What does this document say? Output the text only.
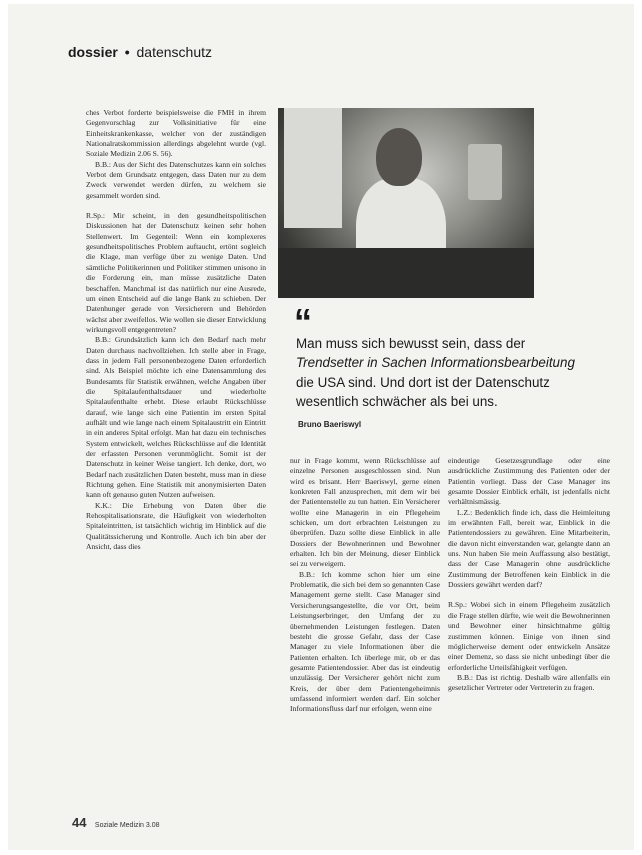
dossier • datenschutz

ches Verbot forderte beispielsweise die FMH in ihrem Gegenvorschlag zur Volksinitiative für eine Einheitskrankenkasse, welcher von der zuständigen Nationalratskommission allerdings abgelehnt wurde (vgl. Soziale Medizin 2.06 S. 56).

B.B.: Aus der Sicht des Datenschutzes kann ein solches Verbot dem Grundsatz entgegen, dass Daten nur zu dem Zweck verwendet werden dürfen, zu welchem sie gesammelt worden sind.

R.Sp.: Mir scheint, in den gesundheitspolitischen Diskussionen hat der Datenschutz keinen sehr hohen Stellenwert. Im Gegenteil: Wenn ein komplexeres gesundheitspolitisches Problem auftaucht, ertönt sogleich die Klage, man verfüge über zu wenige Daten. Und sämtliche Politikerinnen und Politiker stimmen unisono in die Forderung ein, man müsse zusätzliche Daten beschaffen. Manchmal ist das natürlich nur eine Ausrede, um einen Entscheid auf die lange Bank zu schieben. Der Datenhunger gerade von Versicherern und Behörden wächst aber zweifellos. Wie wollen sie dieser Entwicklung wirkungsvoll entgegentreten?

B.B.: Grundsätzlich kann ich den Bedarf nach mehr Daten durchaus nachvollziehen. Ich stelle aber in Frage, dass in jedem Fall personenbezogene Daten erforderlich sind. Als Beispiel möchte ich eine Datensammlung des Bundesamts für Statistik erwähnen, welche Angaben über die Spitalaufenthaltsdauer und wiederholte Spitalaufenthalte erhebt. Diese erlaubt Rückschlüsse darauf, wie lange sich eine Patientin im ersten Spital aufhält und wie lange nach einem Spitalaustritt ein Eintritt in ein anderes Spital erfolgt. Man hat dazu ein technisches System entwickelt, welches Rückschlüsse auf die Identität der erfassten Personen verunmöglicht. Somit ist der Datenschutz in keiner Weise tangiert. Ich denke, dort, wo Bedarf nach zusätzlichen Daten besteht, muss man in diese Richtung gehen. Eine Statistik mit anonymisierten Daten kann oft genauso guten Nutzen aufweisen.

K.K.: Die Erhebung von Daten über die Rehospitalisationsrate, die Häufigkeit von wiederholten Spitaleintritten, ist tatsächlich wichtig im Hinblick auf die Qualitätssicherung und Kontrolle. Auch ich bin aber der Ansicht, dass dies

“
Man muss sich bewusst sein, dass der
Trendsetter in Sachen Informationsbearbeitung
die USA sind. Und dort ist der Datenschutz
wesentlich schwächer als bei uns.
Bruno Baeriswyl

nur in Frage kommt, wenn Rückschlüsse auf einzelne Personen ausgeschlossen sind. Nun wird es brisant. Herr Baeriswyl, gerne einen konkreten Fall anzusprechen, mit dem wir bei der Patientenstelle zu tun hatten. Ein Versicherer wollte eine Managerin in ein Pflegeheim schicken, um dort erbrachten Leistungen zu überprüfen. Dazu sollte diese Einblick in alle Dossiers der Bewohnerinnen und Bewohner erhalten. Ich bin der Meinung, dieser Einblick sei zu verweigern.

B.B.: Ich komme schon hier um eine Problematik, die sich bei dem so genannten Case Management gerne stellt. Case Manager sind Versicherungsangestellte, die vor Ort, beim Leistungserbringer, den Umfang der zu übernehmenden Leistungen festlegen. Daten besteht die grosse Gefahr, dass der Case Manager zu viele Informationen über die Patienten erhalten. Ich überlege mir, ob er das gesamte Patientendossier. Aber das ist eindeutig unzulässig. Der Versicherer gehört nicht zum Kreis, der über dem Patientengeheimnis umfassend informiert werden darf. Ein solcher Informationsfluss darf nur erfolgen, wenn eine

eindeutige Gesetzesgrundlage oder eine ausdrückliche Zustimmung des Patienten oder der Patientin vorliegt. Dass der Case Manager ins gesamte Dossier Einblick erhält, ist jedenfalls nicht verhältnismässig.

L.Z.: Bedenklich finde ich, dass die Heimleitung im erwähnten Fall, bereit war, Einblick in die Patientendossiers zu gewähren. Eine Mitarbeiterin, die davon nicht einverstanden war, gelangte dann an uns. Nun haben Sie mein Auffassung also bestätigt, dass der Case Managerin ohne ausdrückliche Zustimmung der Betroffenen kein Einblick in die Dossiers gewährt werden darf?

R.Sp.: Wobei sich in einem Pflegeheim zusätzlich die Frage stellen dürfte, wie weit die Bewohnerinnen und Bewohner einer hinsichtnahme gültig zustimmen können. Einige von ihnen sind möglicherweise dement oder entwickeln Ansätze einer Demenz, so dass sie nicht unbedingt über die erforderliche Urteilsfähigkeit verfügen.

B.B.: Das ist richtig. Deshalb wäre allenfalls ein gesetzlicher Vertreter oder Vertreterin zu fragen.

44 Soziale Medizin 3.08
